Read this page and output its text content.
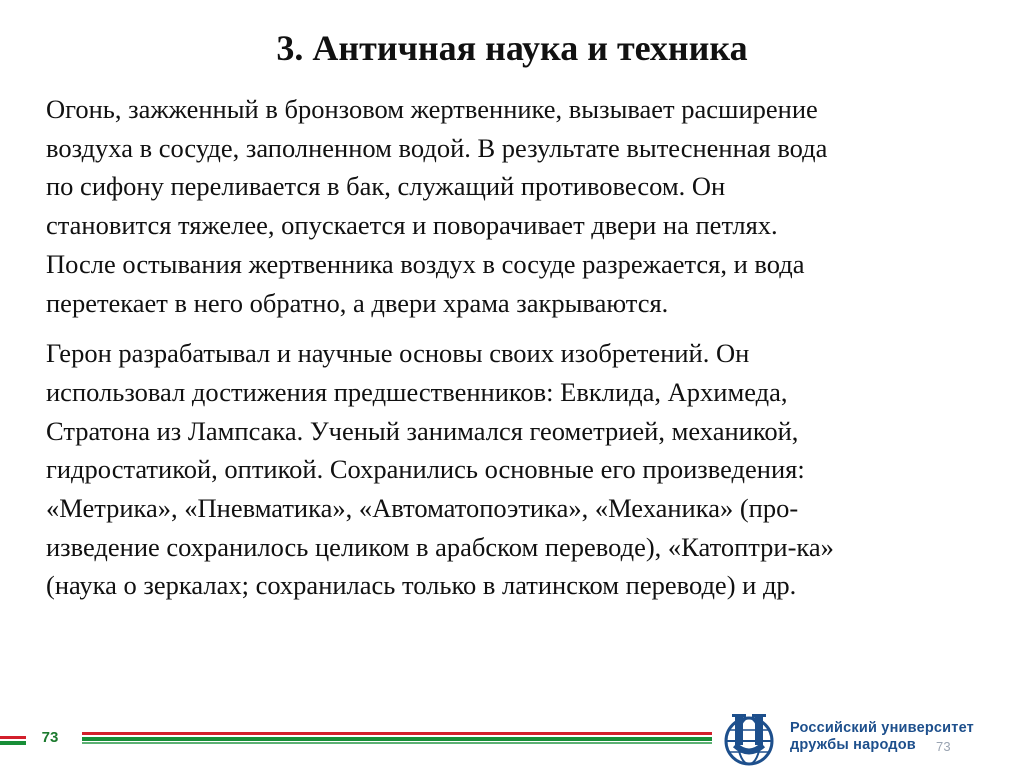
3. Античная наука и техника

Огонь, зажженный в бронзовом жертвеннике, вызывает расширение
воздуха в сосуде, заполненном водой. В результате вытесненная вода
по сифону переливается в бак, служащий противовесом. Он
становится тяжелее, опускается и поворачивает двери на петлях.
После остывания жертвенника воздух в сосуде разрежается, и вода
перетекает в него обратно, а двери храма закрываются.

Герон разрабатывал и научные основы своих изобретений. Он
использовал достижения предшественников: Евклида, Архимеда,
Стратона из Лампсака. Ученый занимался геометрией, механикой,
гидростатикой, оптикой. Сохранились основные его произведения:
«Метрика», «Пневматика», «Автоматопоэтика», «Механика» (про-
изведение сохранилось целиком в арабском переводе), «Катоптри-ка»
(наука о зеркалах; сохранилась только в латинском переводе) и др.

73
Российский университет
дружбы народов	73
